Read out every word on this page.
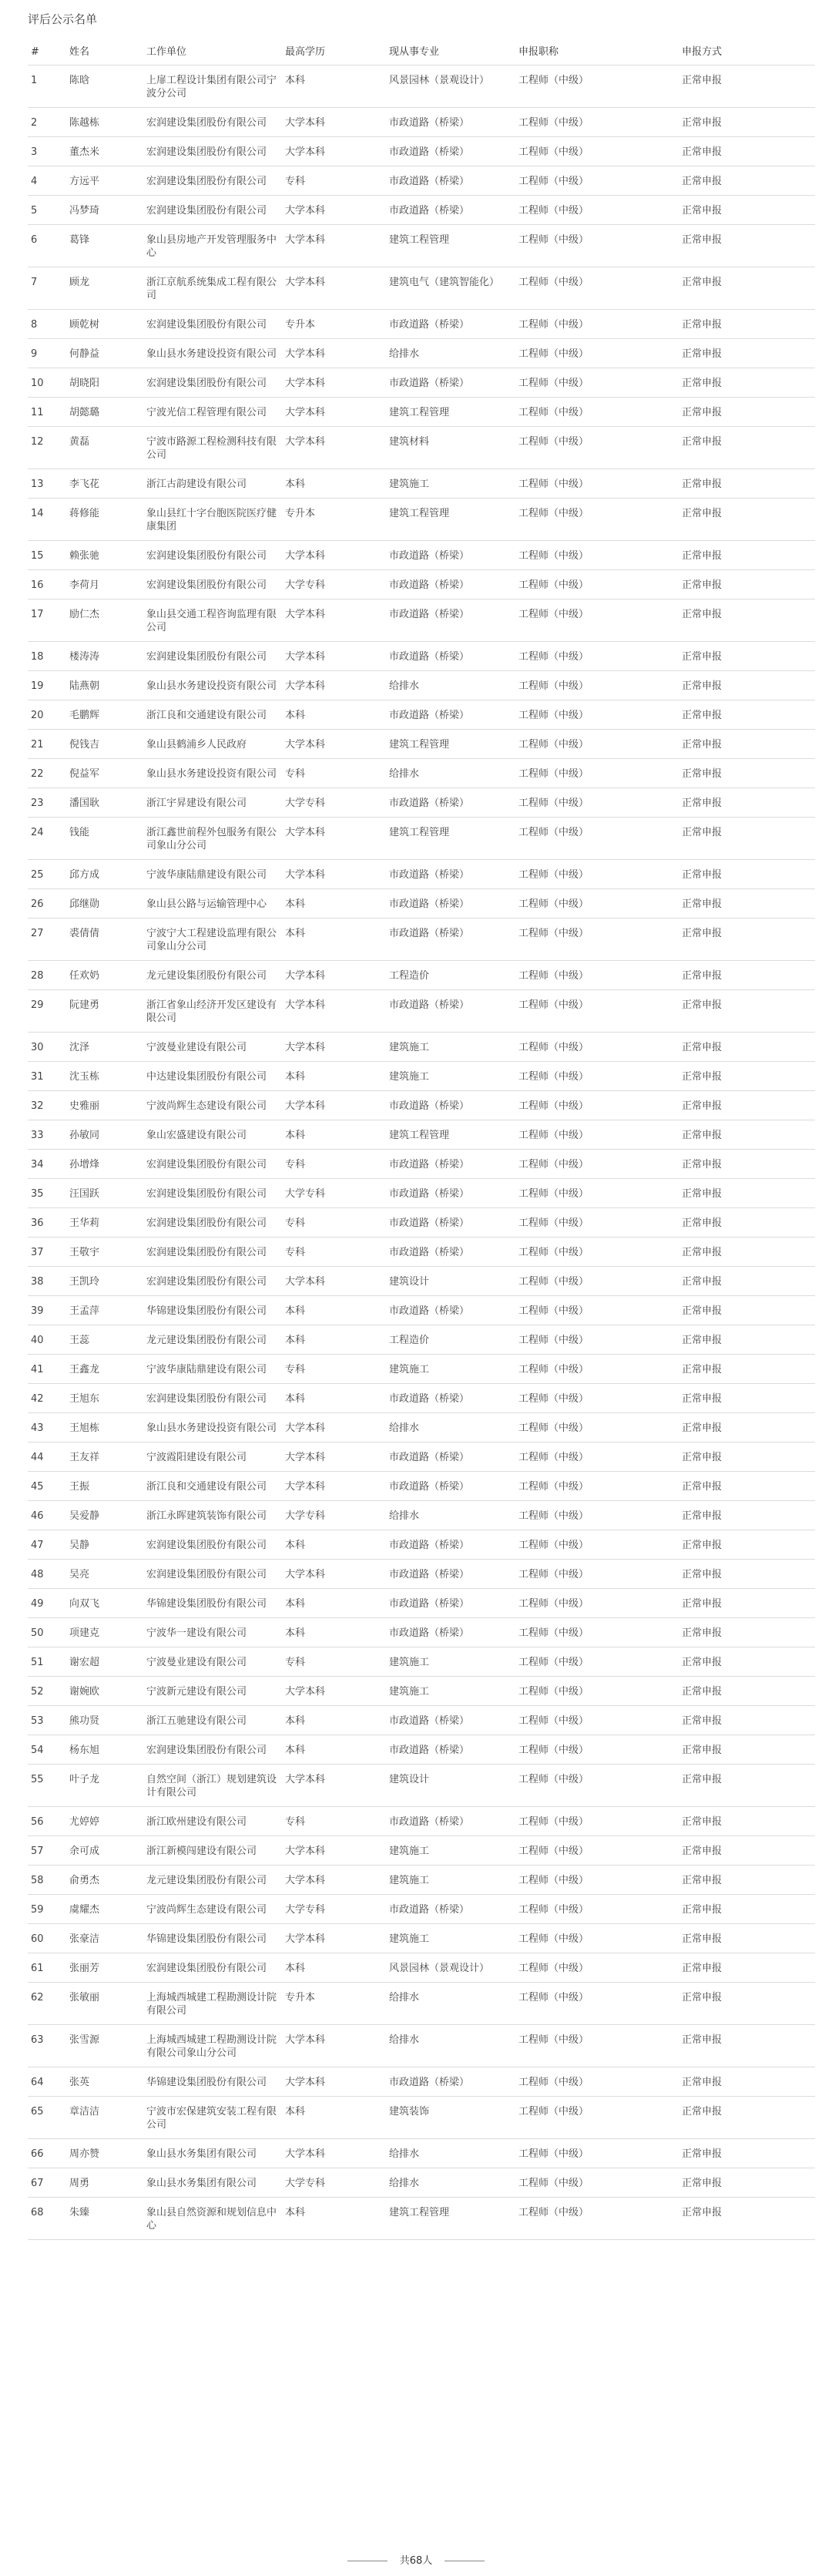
评后公示名单
#	姓名	工作单位	最高学历	现从事专业	申报职称	申报方式
1	陈晗	上扉工程设计集团有限公司宁波分公司	本科	风景园林（景观设计）	工程师（中级）	正常申报
2	陈越栋	宏润建设集团股份有限公司	大学本科	市政道路（桥梁）	工程师（中级）	正常申报
3	董杰米	宏润建设集团股份有限公司	大学本科	市政道路（桥梁）	工程师（中级）	正常申报
4	方远平	宏润建设集团股份有限公司	专科	市政道路（桥梁）	工程师（中级）	正常申报
5	冯梦琦	宏润建设集团股份有限公司	大学本科	市政道路（桥梁）	工程师（中级）	正常申报
6	葛锋	象山县房地产开发管理服务中心	大学本科	建筑工程管理	工程师（中级）	正常申报
7	顾龙	浙江京航系统集成工程有限公司	大学本科	建筑电气（建筑智能化）	工程师（中级）	正常申报
8	顾乾树	宏润建设集团股份有限公司	专升本	市政道路（桥梁）	工程师（中级）	正常申报
9	何静益	象山县水务建设投资有限公司	大学本科	给排水	工程师（中级）	正常申报
10	胡晓阳	宏润建设集团股份有限公司	大学本科	市政道路（桥梁）	工程师（中级）	正常申报
11	胡懿璐	宁波光信工程管理有限公司	大学本科	建筑工程管理	工程师（中级）	正常申报
12	黄磊	宁波市路源工程检测科技有限公司	大学本科	建筑材料	工程师（中级）	正常申报
13	李飞花	浙江古韵建设有限公司	本科	建筑施工	工程师（中级）	正常申报
14	蒋修能	象山县红十字台胞医院医疗健康集团	专升本	建筑工程管理	工程师（中级）	正常申报
15	赖张驰	宏润建设集团股份有限公司	大学本科	市政道路（桥梁）	工程师（中级）	正常申报
16	李荷月	宏润建设集团股份有限公司	大学专科	市政道路（桥梁）	工程师（中级）	正常申报
17	励仁杰	象山县交通工程咨询监理有限公司	大学本科	市政道路（桥梁）	工程师（中级）	正常申报
18	楼涛涛	宏润建设集团股份有限公司	大学本科	市政道路（桥梁）	工程师（中级）	正常申报
19	陆燕朝	象山县水务建设投资有限公司	大学本科	给排水	工程师（中级）	正常申报
20	毛鹏辉	浙江良和交通建设有限公司	本科	市政道路（桥梁）	工程师（中级）	正常申报
21	倪钱吉	象山县鹤浦乡人民政府	大学本科	建筑工程管理	工程师（中级）	正常申报
22	倪益军	象山县水务建设投资有限公司	专科	给排水	工程师（中级）	正常申报
23	潘国耿	浙江宇昇建设有限公司	大学专科	市政道路（桥梁）	工程师（中级）	正常申报
24	钱能	浙江鑫世前程外包服务有限公司象山分公司	大学本科	建筑工程管理	工程师（中级）	正常申报
25	邱方成	宁波华康陆鼎建设有限公司	大学本科	市政道路（桥梁）	工程师（中级）	正常申报
26	邱继勋	象山县公路与运输管理中心	本科	市政道路（桥梁）	工程师（中级）	正常申报
27	裘倩倩	宁波宁大工程建设监理有限公司象山分公司	本科	市政道路（桥梁）	工程师（中级）	正常申报
28	任欢奶	龙元建设集团股份有限公司	大学本科	工程造价	工程师（中级）	正常申报
29	阮建勇	浙江省象山经济开发区建设有限公司	大学本科	市政道路（桥梁）	工程师（中级）	正常申报
30	沈泽	宁波曼业建设有限公司	大学本科	建筑施工	工程师（中级）	正常申报
31	沈玉栋	中达建设集团股份有限公司	本科	建筑施工	工程师（中级）	正常申报
32	史雅丽	宁波尚辉生态建设有限公司	大学本科	市政道路（桥梁）	工程师（中级）	正常申报
33	孙敏同	象山宏盛建设有限公司	本科	建筑工程管理	工程师（中级）	正常申报
34	孙增烽	宏润建设集团股份有限公司	专科	市政道路（桥梁）	工程师（中级）	正常申报
35	汪国跃	宏润建设集团股份有限公司	大学专科	市政道路（桥梁）	工程师（中级）	正常申报
36	王华莉	宏润建设集团股份有限公司	专科	市政道路（桥梁）	工程师（中级）	正常申报
37	王敬宇	宏润建设集团股份有限公司	专科	市政道路（桥梁）	工程师（中级）	正常申报
38	王凯玲	宏润建设集团股份有限公司	大学本科	建筑设计	工程师（中级）	正常申报
39	王孟萍	华锦建设集团股份有限公司	本科	市政道路（桥梁）	工程师（中级）	正常申报
40	王蕊	龙元建设集团股份有限公司	本科	工程造价	工程师（中级）	正常申报
41	王鑫龙	宁波华康陆鼎建设有限公司	专科	建筑施工	工程师（中级）	正常申报
42	王旭东	宏润建设集团股份有限公司	本科	市政道路（桥梁）	工程师（中级）	正常申报
43	王旭栋	象山县水务建设投资有限公司	大学本科	给排水	工程师（中级）	正常申报
44	王友祥	宁波霞阳建设有限公司	大学本科	市政道路（桥梁）	工程师（中级）	正常申报
45	王振	浙江良和交通建设有限公司	大学本科	市政道路（桥梁）	工程师（中级）	正常申报
46	吴爱静	浙江永晖建筑装饰有限公司	大学专科	给排水	工程师（中级）	正常申报
47	吴静	宏润建设集团股份有限公司	本科	市政道路（桥梁）	工程师（中级）	正常申报
48	吴亮	宏润建设集团股份有限公司	大学本科	市政道路（桥梁）	工程师（中级）	正常申报
49	向双飞	华锦建设集团股份有限公司	本科	市政道路（桥梁）	工程师（中级）	正常申报
50	项建克	宁波华一建设有限公司	本科	市政道路（桥梁）	工程师（中级）	正常申报
51	谢宏超	宁波曼业建设有限公司	专科	建筑施工	工程师（中级）	正常申报
52	谢婉欧	宁波新元建设有限公司	大学本科	建筑施工	工程师（中级）	正常申报
53	熊功贤	浙江五驰建设有限公司	本科	市政道路（桥梁）	工程师（中级）	正常申报
54	杨东旭	宏润建设集团股份有限公司	本科	市政道路（桥梁）	工程师（中级）	正常申报
55	叶子龙	自然空间（浙江）规划建筑设计有限公司	大学本科	建筑设计	工程师（中级）	正常申报
56	尤婷婷	浙江欧州建设有限公司	专科	市政道路（桥梁）	工程师（中级）	正常申报
57	余可成	浙江新模闯建设有限公司	大学本科	建筑施工	工程师（中级）	正常申报
58	俞勇杰	龙元建设集团股份有限公司	大学本科	建筑施工	工程师（中级）	正常申报
59	虞耀杰	宁波尚辉生态建设有限公司	大学专科	市政道路（桥梁）	工程师（中级）	正常申报
60	张豪洁	华锦建设集团股份有限公司	大学本科	建筑施工	工程师（中级）	正常申报
61	张丽芳	宏润建设集团股份有限公司	本科	风景园林（景观设计）	工程师（中级）	正常申报
62	张敏丽	上海城西城建工程勘测设计院有限公司	专升本	给排水	工程师（中级）	正常申报
63	张雪源	上海城西城建工程勘测设计院有限公司象山分公司	大学本科	给排水	工程师（中级）	正常申报
64	张英	华锦建设集团股份有限公司	大学本科	市政道路（桥梁）	工程师（中级）	正常申报
65	章洁洁	宁波市宏保建筑安装工程有限公司	本科	建筑装饰	工程师（中级）	正常申报
66	周亦赞	象山县水务集团有限公司	大学本科	给排水	工程师（中级）	正常申报
67	周勇	象山县水务集团有限公司	大学专科	给排水	工程师（中级）	正常申报
68	朱臻	象山县自然资源和规划信息中心	本科	建筑工程管理	工程师（中级）	正常申报
共68人
